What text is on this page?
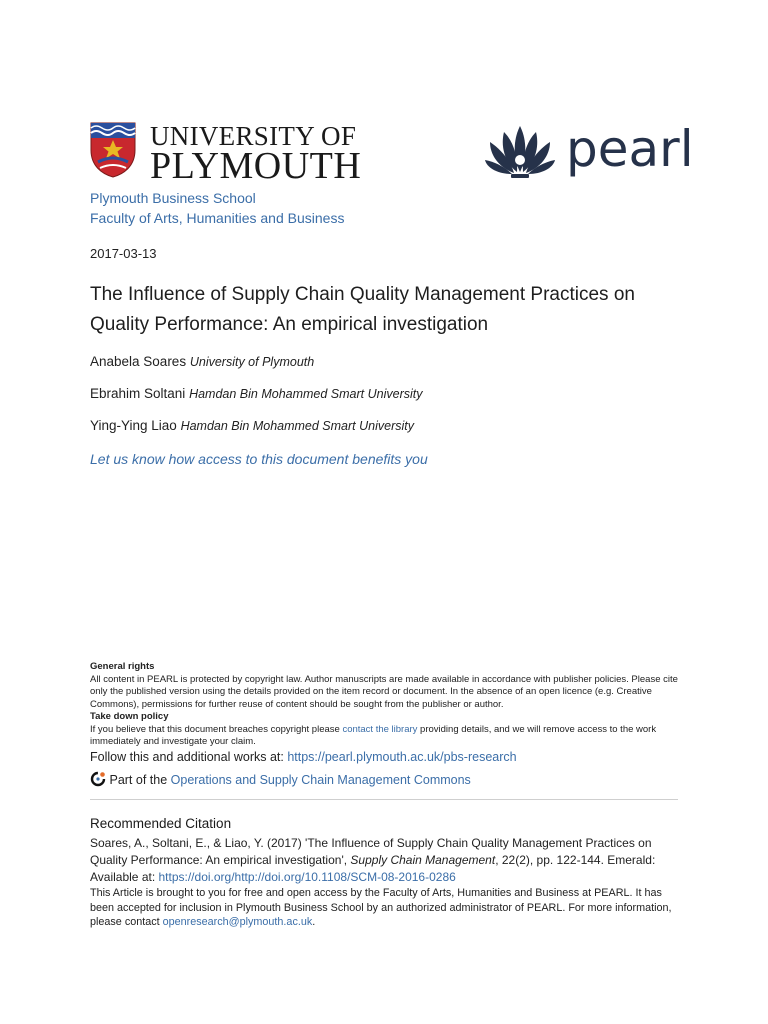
UNIVERSITY OF
PLYMOUTH	pearl
Plymouth Business School
Faculty of Arts, Humanities and Business
2017-03-13
The Influence of Supply Chain Quality Management Practices on Quality Performance: An empirical investigation
Anabela Soares University of Plymouth
Ebrahim Soltani Hamdan Bin Mohammed Smart University
Ying-Ying Liao Hamdan Bin Mohammed Smart University
Let us know how access to this document benefits you
General rights
All content in PEARL is protected by copyright law. Author manuscripts are made available in accordance with publisher policies. Please cite only the published version using the details provided on the item record or document. In the absence of an open licence (e.g. Creative Commons), permissions for further reuse of content should be sought from the publisher or author.
Take down policy
If you believe that this document breaches copyright please contact the library providing details, and we will remove access to the work immediately and investigate your claim.
Follow this and additional works at: https://pearl.plymouth.ac.uk/pbs-research
Part of the Operations and Supply Chain Management Commons
Recommended Citation
Soares, A., Soltani, E., & Liao, Y. (2017) 'The Influence of Supply Chain Quality Management Practices on Quality Performance: An empirical investigation', Supply Chain Management, 22(2), pp. 122-144. Emerald: Available at: https://doi.org/http://doi.org/10.1108/SCM-08-2016-0286
This Article is brought to you for free and open access by the Faculty of Arts, Humanities and Business at PEARL. It has been accepted for inclusion in Plymouth Business School by an authorized administrator of PEARL. For more information, please contact openresearch@plymouth.ac.uk.
